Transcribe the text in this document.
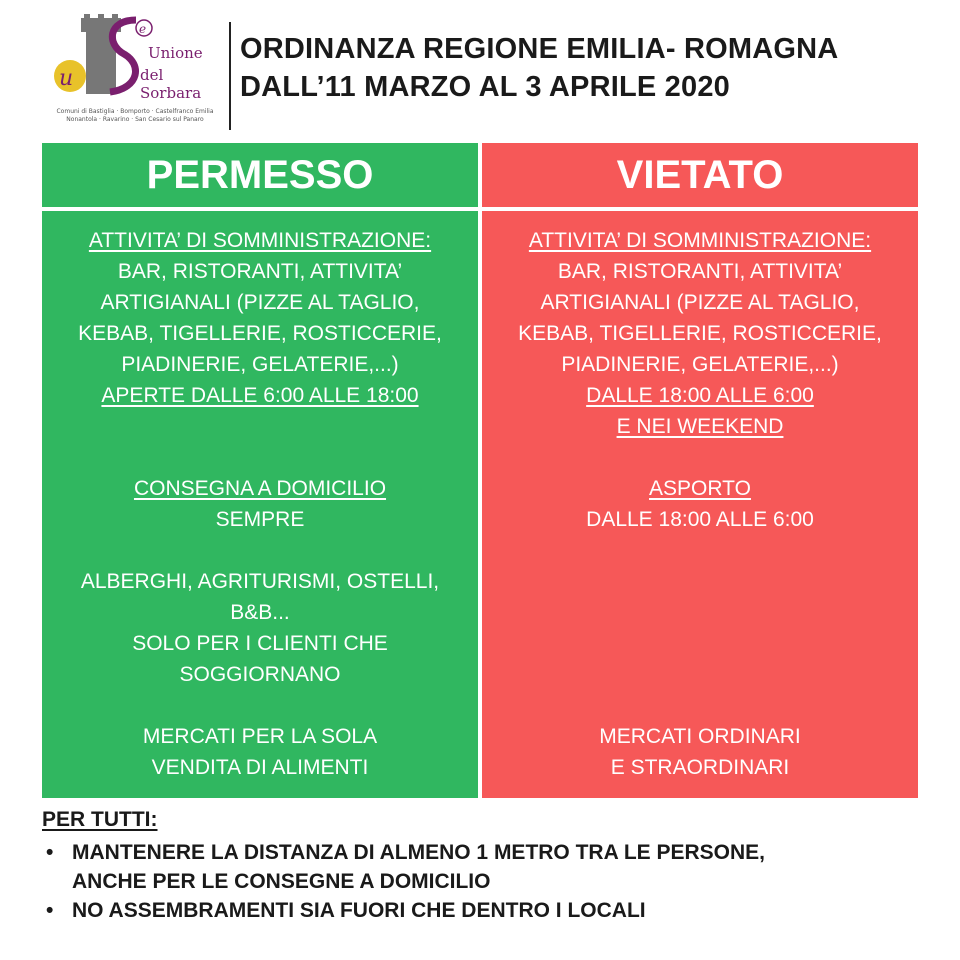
u
e
Unione
del Sorbara
Comuni di Bastiglia · Bomporto · Castelfranco Emilia
Nonantola · Ravarino · San Cesario sul Panaro
ORDINANZA REGIONE EMILIA- ROMAGNA
DALL’11 MARZO AL 3 APRILE 2020
PERMESSO
ATTIVITA’ DI SOMMINISTRAZIONE:
BAR, RISTORANTI, ATTIVITA’
ARTIGIANALI (PIZZE AL TAGLIO,
KEBAB, TIGELLERIE, ROSTICCERIE,
PIADINERIE, GELATERIE,...)
APERTE DALLE 6:00 ALLE 18:00
CONSEGNA A DOMICILIO
SEMPRE
ALBERGHI, AGRITURISMI, OSTELLI,
B&B...
SOLO PER I CLIENTI CHE
SOGGIORNANO
MERCATI PER LA SOLA
VENDITA DI ALIMENTI
VIETATO
ATTIVITA’ DI SOMMINISTRAZIONE:
BAR, RISTORANTI, ATTIVITA’
ARTIGIANALI (PIZZE AL TAGLIO,
KEBAB, TIGELLERIE, ROSTICCERIE,
PIADINERIE, GELATERIE,...)
DALLE 18:00 ALLE 6:00
E NEI WEEKEND
ASPORTO
DALLE 18:00 ALLE 6:00
MERCATI ORDINARI
E STRAORDINARI
PER TUTTI:
• MANTENERE LA DISTANZA DI ALMENO 1 METRO TRA LE PERSONE,
ANCHE PER LE CONSEGNE A DOMICILIO
• NO ASSEMBRAMENTI SIA FUORI CHE DENTRO I LOCALI
